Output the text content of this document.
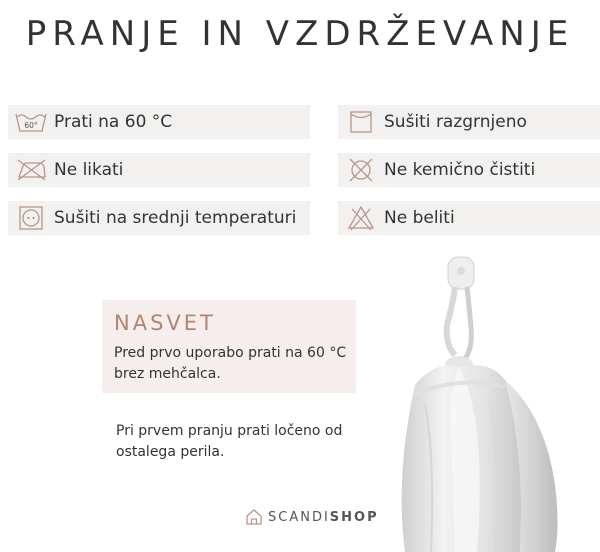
PRANJE IN VZDRŽEVANJE
60° Prati na 60 °C
Ne likati
Sušiti na srednji temperaturi
Sušiti razgrnjeno
Ne kemično čistiti
Ne beliti
NASVET
Pred prvo uporabo prati na 60 °C brez mehčalca.
Pri prvem pranju prati ločeno od ostalega perila.
SCANDI SHOP
